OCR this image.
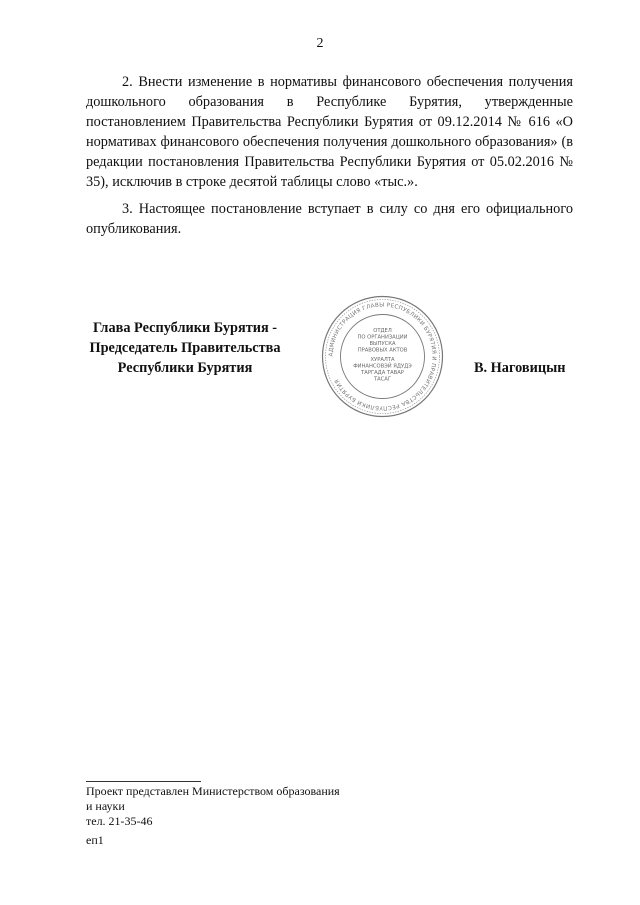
2

2. Внести изменение в нормативы финансового обеспечения получения дошкольного образования в Республике Бурятия, утвержденные постановлением Правительства Республики Бурятия от 09.12.2014 № 616 «О нормативах финансового обеспечения получения дошкольного образования» (в редакции постановления Правительства Республики Бурятия от 05.02.2016 № 35), исключив в строке десятой таблицы слово «тыс.».

3. Настоящее постановление вступает в силу со дня его официального опубликования.

Глава Республики Бурятия -
Председатель Правительства
Республики Бурятия
АДМИНИСТРАЦИЯ ГЛАВЫ РЕСПУБЛИКИ БУРЯТИЯ И ПРАВИТЕЛЬСТВА РЕСПУБЛИКИ БУРЯТИЯ
ОТДЕЛ
ПО ОРГАНИЗАЦИИ
ВЫПУСКА
ПРАВОВЫХ АКТОВ
ХУРАЛТА
ФИНАНСОВЭЙ ЯДУДЭ
ТАРГАДА ТАВАР
ТАСАГ
В. Наговицын
Проект представлен Министерством образования
и науки
тел. 21-35-46
еп1
